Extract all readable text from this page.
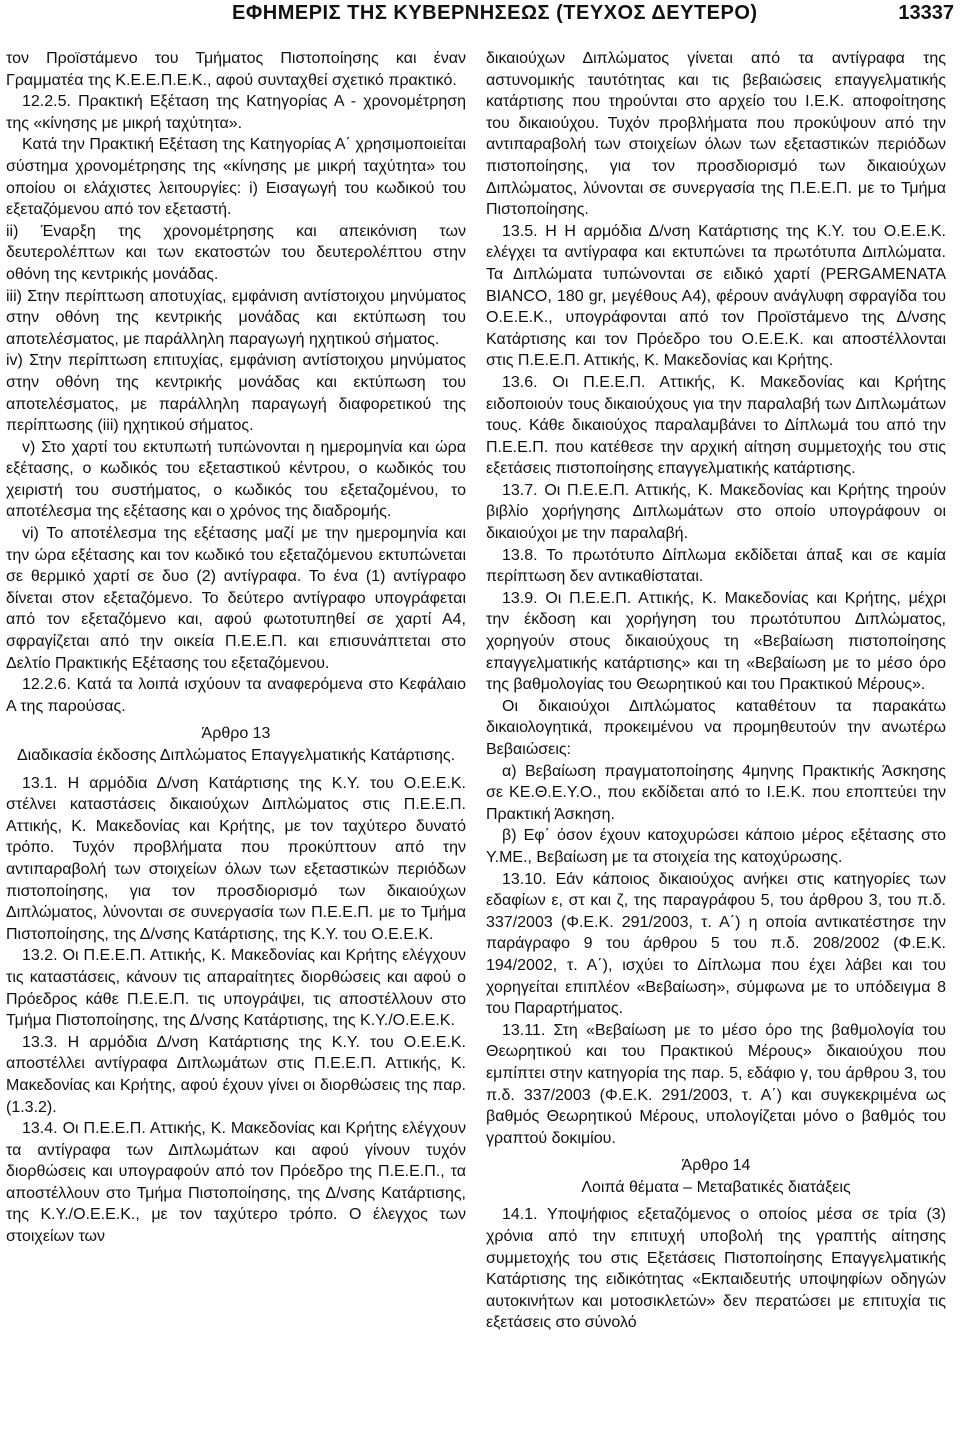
ΕΦΗΜΕΡΙΣ ΤΗΣ ΚΥΒΕΡΝΗΣΕΩΣ (ΤΕΥΧΟΣ ΔΕΥΤΕΡΟ)	13337

τον Προϊστάμενο του Τμήματος Πιστοποίησης και έναν Γραμματέα της Κ.Ε.Ε.Π.Ε.Κ., αφού συνταχθεί σχετικό πρακτικό.

12.2.5. Πρακτική Εξέταση της Κατηγορίας Α - χρονομέτρηση της «κίνησης με μικρή ταχύτητα».

Κατά την Πρακτική Εξέταση της Κατηγορίας Α΄ χρησιμοποιείται σύστημα χρονομέτρησης της «κίνησης με μικρή ταχύτητα» του οποίου οι ελάχιστες λειτουργίες: i) Εισαγωγή του κωδικού του εξεταζόμενου από τον εξεταστή.

ii) Έναρξη της χρονομέτρησης και απεικόνιση των δευτερολέπτων και των εκατοστών του δευτερολέπτου στην οθόνη της κεντρικής μονάδας.

iii) Στην περίπτωση αποτυχίας, εμφάνιση αντίστοιχου μηνύματος στην οθόνη της κεντρικής μονάδας και εκτύπωση του αποτελέσματος, με παράλληλη παραγωγή ηχητικού σήματος.

iv) Στην περίπτωση επιτυχίας, εμφάνιση αντίστοιχου μηνύματος στην οθόνη της κεντρικής μονάδας και εκτύπωση του αποτελέσματος, με παράλληλη παραγωγή διαφορετικού της περίπτωσης (iii) ηχητικού σήματος.

v) Στο χαρτί του εκτυπωτή τυπώνονται η ημερομηνία και ώρα εξέτασης, ο κωδικός του εξεταστικού κέντρου, ο κωδικός του χειριστή του συστήματος, ο κωδικός του εξεταζομένου, το αποτέλεσμα της εξέτασης και ο χρόνος της διαδρομής.

vi) Το αποτέλεσμα της εξέτασης μαζί με την ημερομηνία και την ώρα εξέτασης και τον κωδικό του εξεταζόμενου εκτυπώνεται σε θερμικό χαρτί σε δυο (2) αντίγραφα. Το ένα (1) αντίγραφο δίνεται στον εξεταζόμενο. Το δεύτερο αντίγραφο υπογράφεται από τον εξεταζόμενο και, αφού φωτοτυπηθεί σε χαρτί Α4, σφραγίζεται από την οικεία Π.Ε.Ε.Π. και επισυνάπτεται στο Δελτίο Πρακτικής Εξέτασης του εξεταζόμενου.

12.2.6. Κατά τα λοιπά ισχύουν τα αναφερόμενα στο Κεφάλαιο Α της παρούσας.

Άρθρο 13

Διαδικασία έκδοσης Διπλώματος Επαγγελματικής Κατάρτισης.

13.1. Η αρμόδια Δ/νση Κατάρτισης της Κ.Υ. του Ο.Ε.Ε.Κ. στέλνει καταστάσεις δικαιούχων Διπλώματος στις Π.Ε.Ε.Π. Αττικής, Κ. Μακεδονίας και Κρήτης, με τον ταχύτερο δυνατό τρόπο. Τυχόν προβλήματα που προκύπτουν από την αντιπαραβολή των στοιχείων όλων των εξεταστικών περιόδων πιστοποίησης, για τον προσδιορισμό των δικαιούχων Διπλώματος, λύνονται σε συνεργασία των Π.Ε.Ε.Π. με το Τμήμα Πιστοποίησης, της Δ/νσης Κατάρτισης, της Κ.Υ. του Ο.Ε.Ε.Κ.

13.2. Οι Π.Ε.Ε.Π. Αττικής, Κ. Μακεδονίας και Κρήτης ελέγχουν τις καταστάσεις, κάνουν τις απαραίτητες διορθώσεις και αφού ο Πρόεδρος κάθε Π.Ε.Ε.Π. τις υπογράψει, τις αποστέλλουν στο Τμήμα Πιστοποίησης, της Δ/νσης Κατάρτισης, της Κ.Υ./Ο.Ε.Ε.Κ.

13.3. Η αρμόδια Δ/νση Κατάρτισης της Κ.Υ. του Ο.Ε.Ε.Κ. αποστέλλει αντίγραφα Διπλωμάτων στις Π.Ε.Ε.Π. Αττικής, Κ. Μακεδονίας και Κρήτης, αφού έχουν γίνει οι διορθώσεις της παρ. (1.3.2).

13.4. Οι Π.Ε.Ε.Π. Αττικής, Κ. Μακεδονίας και Κρήτης ελέγχουν τα αντίγραφα των Διπλωμάτων και αφού γίνουν τυχόν διορθώσεις και υπογραφούν από τον Πρόεδρο της Π.Ε.Ε.Π., τα αποστέλλουν στο Τμήμα Πιστοποίησης, της Δ/νσης Κατάρτισης, της Κ.Υ./Ο.Ε.Ε.Κ., με τον ταχύτερο τρόπο. Ο έλεγχος των στοιχείων των

δικαιούχων Διπλώματος γίνεται από τα αντίγραφα της αστυνομικής ταυτότητας και τις βεβαιώσεις επαγγελματικής κατάρτισης που τηρούνται στο αρχείο του Ι.Ε.Κ. αποφοίτησης του δικαιούχου. Τυχόν προβλήματα που προκύψουν από την αντιπαραβολή των στοιχείων όλων των εξεταστικών περιόδων πιστοποίησης, για τον προσδιορισμό των δικαιούχων Διπλώματος, λύνονται σε συνεργασία της Π.Ε.Ε.Π. με το Τμήμα Πιστοποίησης.

13.5. Η Η αρμόδια Δ/νση Κατάρτισης της Κ.Υ. του Ο.Ε.Ε.Κ. ελέγχει τα αντίγραφα και εκτυπώνει τα πρωτότυπα Διπλώματα. Τα Διπλώματα τυπώνονται σε ειδικό χαρτί (PERGAMENATA BIANCO, 180 gr, μεγέθους Α4), φέρουν ανάγλυφη σφραγίδα του Ο.Ε.Ε.Κ., υπογράφονται από τον Προϊστάμενο της Δ/νσης Κατάρτισης και τον Πρόεδρο του Ο.Ε.Ε.Κ. και αποστέλλονται στις Π.Ε.Ε.Π. Αττικής, Κ. Μακεδονίας και Κρήτης.

13.6. Οι Π.Ε.Ε.Π. Αττικής, Κ. Μακεδονίας και Κρήτης ειδοποιούν τους δικαιούχους για την παραλαβή των Διπλωμάτων τους. Κάθε δικαιούχος παραλαμβάνει το Δίπλωμά του από την Π.Ε.Ε.Π. που κατέθεσε την αρχική αίτηση συμμετοχής του στις εξετάσεις πιστοποίησης επαγγελματικής κατάρτισης.

13.7. Οι Π.Ε.Ε.Π. Αττικής, Κ. Μακεδονίας και Κρήτης τηρούν βιβλίο χορήγησης Διπλωμάτων στο οποίο υπογράφουν οι δικαιούχοι με την παραλαβή.

13.8. Το πρωτότυπο Δίπλωμα εκδίδεται άπαξ και σε καμία περίπτωση δεν αντικαθίσταται.

13.9. Οι Π.Ε.Ε.Π. Αττικής, Κ. Μακεδονίας και Κρήτης, μέχρι την έκδοση και χορήγηση του πρωτότυπου Διπλώματος, χορηγούν στους δικαιούχους τη «Βεβαίωση πιστοποίησης επαγγελματικής κατάρτισης» και τη «Βεβαίωση με το μέσο όρο της βαθμολογίας του Θεωρητικού και του Πρακτικού Μέρους».

Οι δικαιούχοι Διπλώματος καταθέτουν τα παρακάτω δικαιολογητικά, προκειμένου να προμηθευτούν την ανωτέρω Βεβαιώσεις:

α) Βεβαίωση πραγματοποίησης 4μηνης Πρακτικής Άσκησης σε ΚΕ.Θ.Ε.Υ.Ο., που εκδίδεται από το Ι.Ε.Κ. που εποπτεύει την Πρακτική Άσκηση.

β) Εφ΄ όσον έχουν κατοχυρώσει κάποιο μέρος εξέτασης στο Υ.ΜΕ., Βεβαίωση με τα στοιχεία της κατοχύρωσης.

13.10. Εάν κάποιος δικαιούχος ανήκει στις κατηγορίες των εδαφίων ε, στ και ζ, της παραγράφου 5, του άρθρου 3, του π.δ. 337/2003 (Φ.Ε.Κ. 291/2003, τ. Α΄) η οποία αντικατέστησε την παράγραφο 9 του άρθρου 5 του π.δ. 208/2002 (Φ.Ε.Κ. 194/2002, τ. Α΄), ισχύει το Δίπλωμα που έχει λάβει και του χορηγείται επιπλέον «Βεβαίωση», σύμφωνα με το υπόδειγμα 8 του Παραρτήματος.

13.11. Στη «Βεβαίωση με το μέσο όρο της βαθμολογία του Θεωρητικού και του Πρακτικού Μέρους» δικαιούχου που εμπίπτει στην κατηγορία της παρ. 5, εδάφιο γ, του άρθρου 3, του π.δ. 337/2003 (Φ.Ε.Κ. 291/2003, τ. Α΄) και συγκεκριμένα ως βαθμός Θεωρητικού Μέρους, υπολογίζεται μόνο ο βαθμός του γραπτού δοκιμίου.

Άρθρο 14

Λοιπά θέματα – Μεταβατικές διατάξεις

14.1. Υποψήφιος εξεταζόμενος ο οποίος μέσα σε τρία (3) χρόνια από την επιτυχή υποβολή της γραπτής αίτησης συμμετοχής του στις Εξετάσεις Πιστοποίησης Επαγγελματικής Κατάρτισης της ειδικότητας «Εκπαιδευτής υποψηφίων οδηγών αυτοκινήτων και μοτοσικλετών» δεν περατώσει με επιτυχία τις εξετάσεις στο σύνολό
